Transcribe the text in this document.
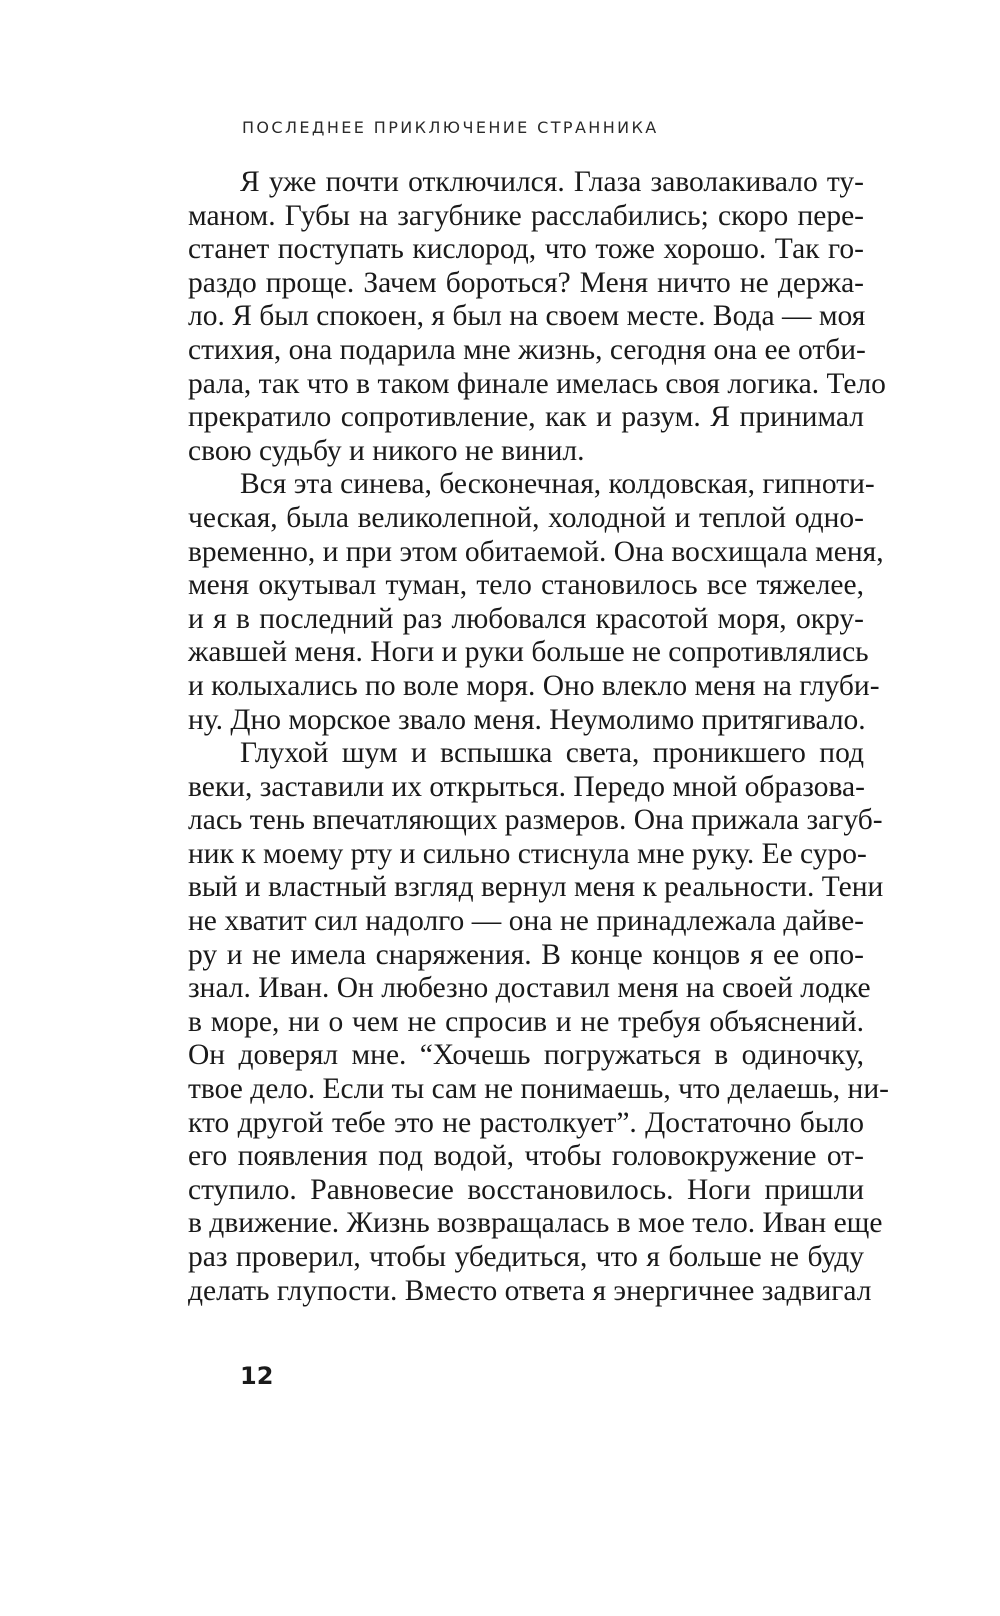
ПОСЛЕДНЕЕ ПРИКЛЮЧЕНИЕ СТРАННИКА
Я уже почти отключился. Глаза заволакивало ту-
маном. Губы на загубнике расслабились; скоро пере-
станет поступать кислород, что тоже хорошо. Так го-
раздо проще. Зачем бороться? Меня ничто не держа-
ло. Я был спокоен, я был на своем месте. Вода — моя
стихия, она подарила мне жизнь, сегодня она ее отби-
рала, так что в таком финале имелась своя логика. Тело
прекратило сопротивление, как и разум. Я принимал
свою судьбу и никого не винил.
Вся эта синева, бесконечная, колдовская, гипноти-
ческая, была великолепной, холодной и теплой одно-
временно, и при этом обитаемой. Она восхищала меня,
меня окутывал туман, тело становилось все тяжелее,
и я в последний раз любовался красотой моря, окру-
жавшей меня. Ноги и руки больше не сопротивлялись
и колыхались по воле моря. Оно влекло меня на глуби-
ну. Дно морское звало меня. Неумолимо притягивало.
Глухой шум и вспышка света, проникшего под
веки, заставили их открыться. Передо мной образова-
лась тень впечатляющих размеров. Она прижала загуб-
ник к моему рту и сильно стиснула мне руку. Ее суро-
вый и властный взгляд вернул меня к реальности. Тени
не хватит сил надолго — она не принадлежала дайве-
ру и не имела снаряжения. В конце концов я ее опо-
знал. Иван. Он любезно доставил меня на своей лодке
в море, ни о чем не спросив и не требуя объяснений.
Он доверял мне. “Хочешь погружаться в одиночку,
твое дело. Если ты сам не понимаешь, что делаешь, ни-
кто другой тебе это не растолкует”. Достаточно было
его появления под водой, чтобы головокружение от-
ступило. Равновесие восстановилось. Ноги пришли
в движение. Жизнь возвращалась в мое тело. Иван еще
раз проверил, чтобы убедиться, что я больше не буду
делать глупости. Вместо ответа я энергичнее задвигал
12
